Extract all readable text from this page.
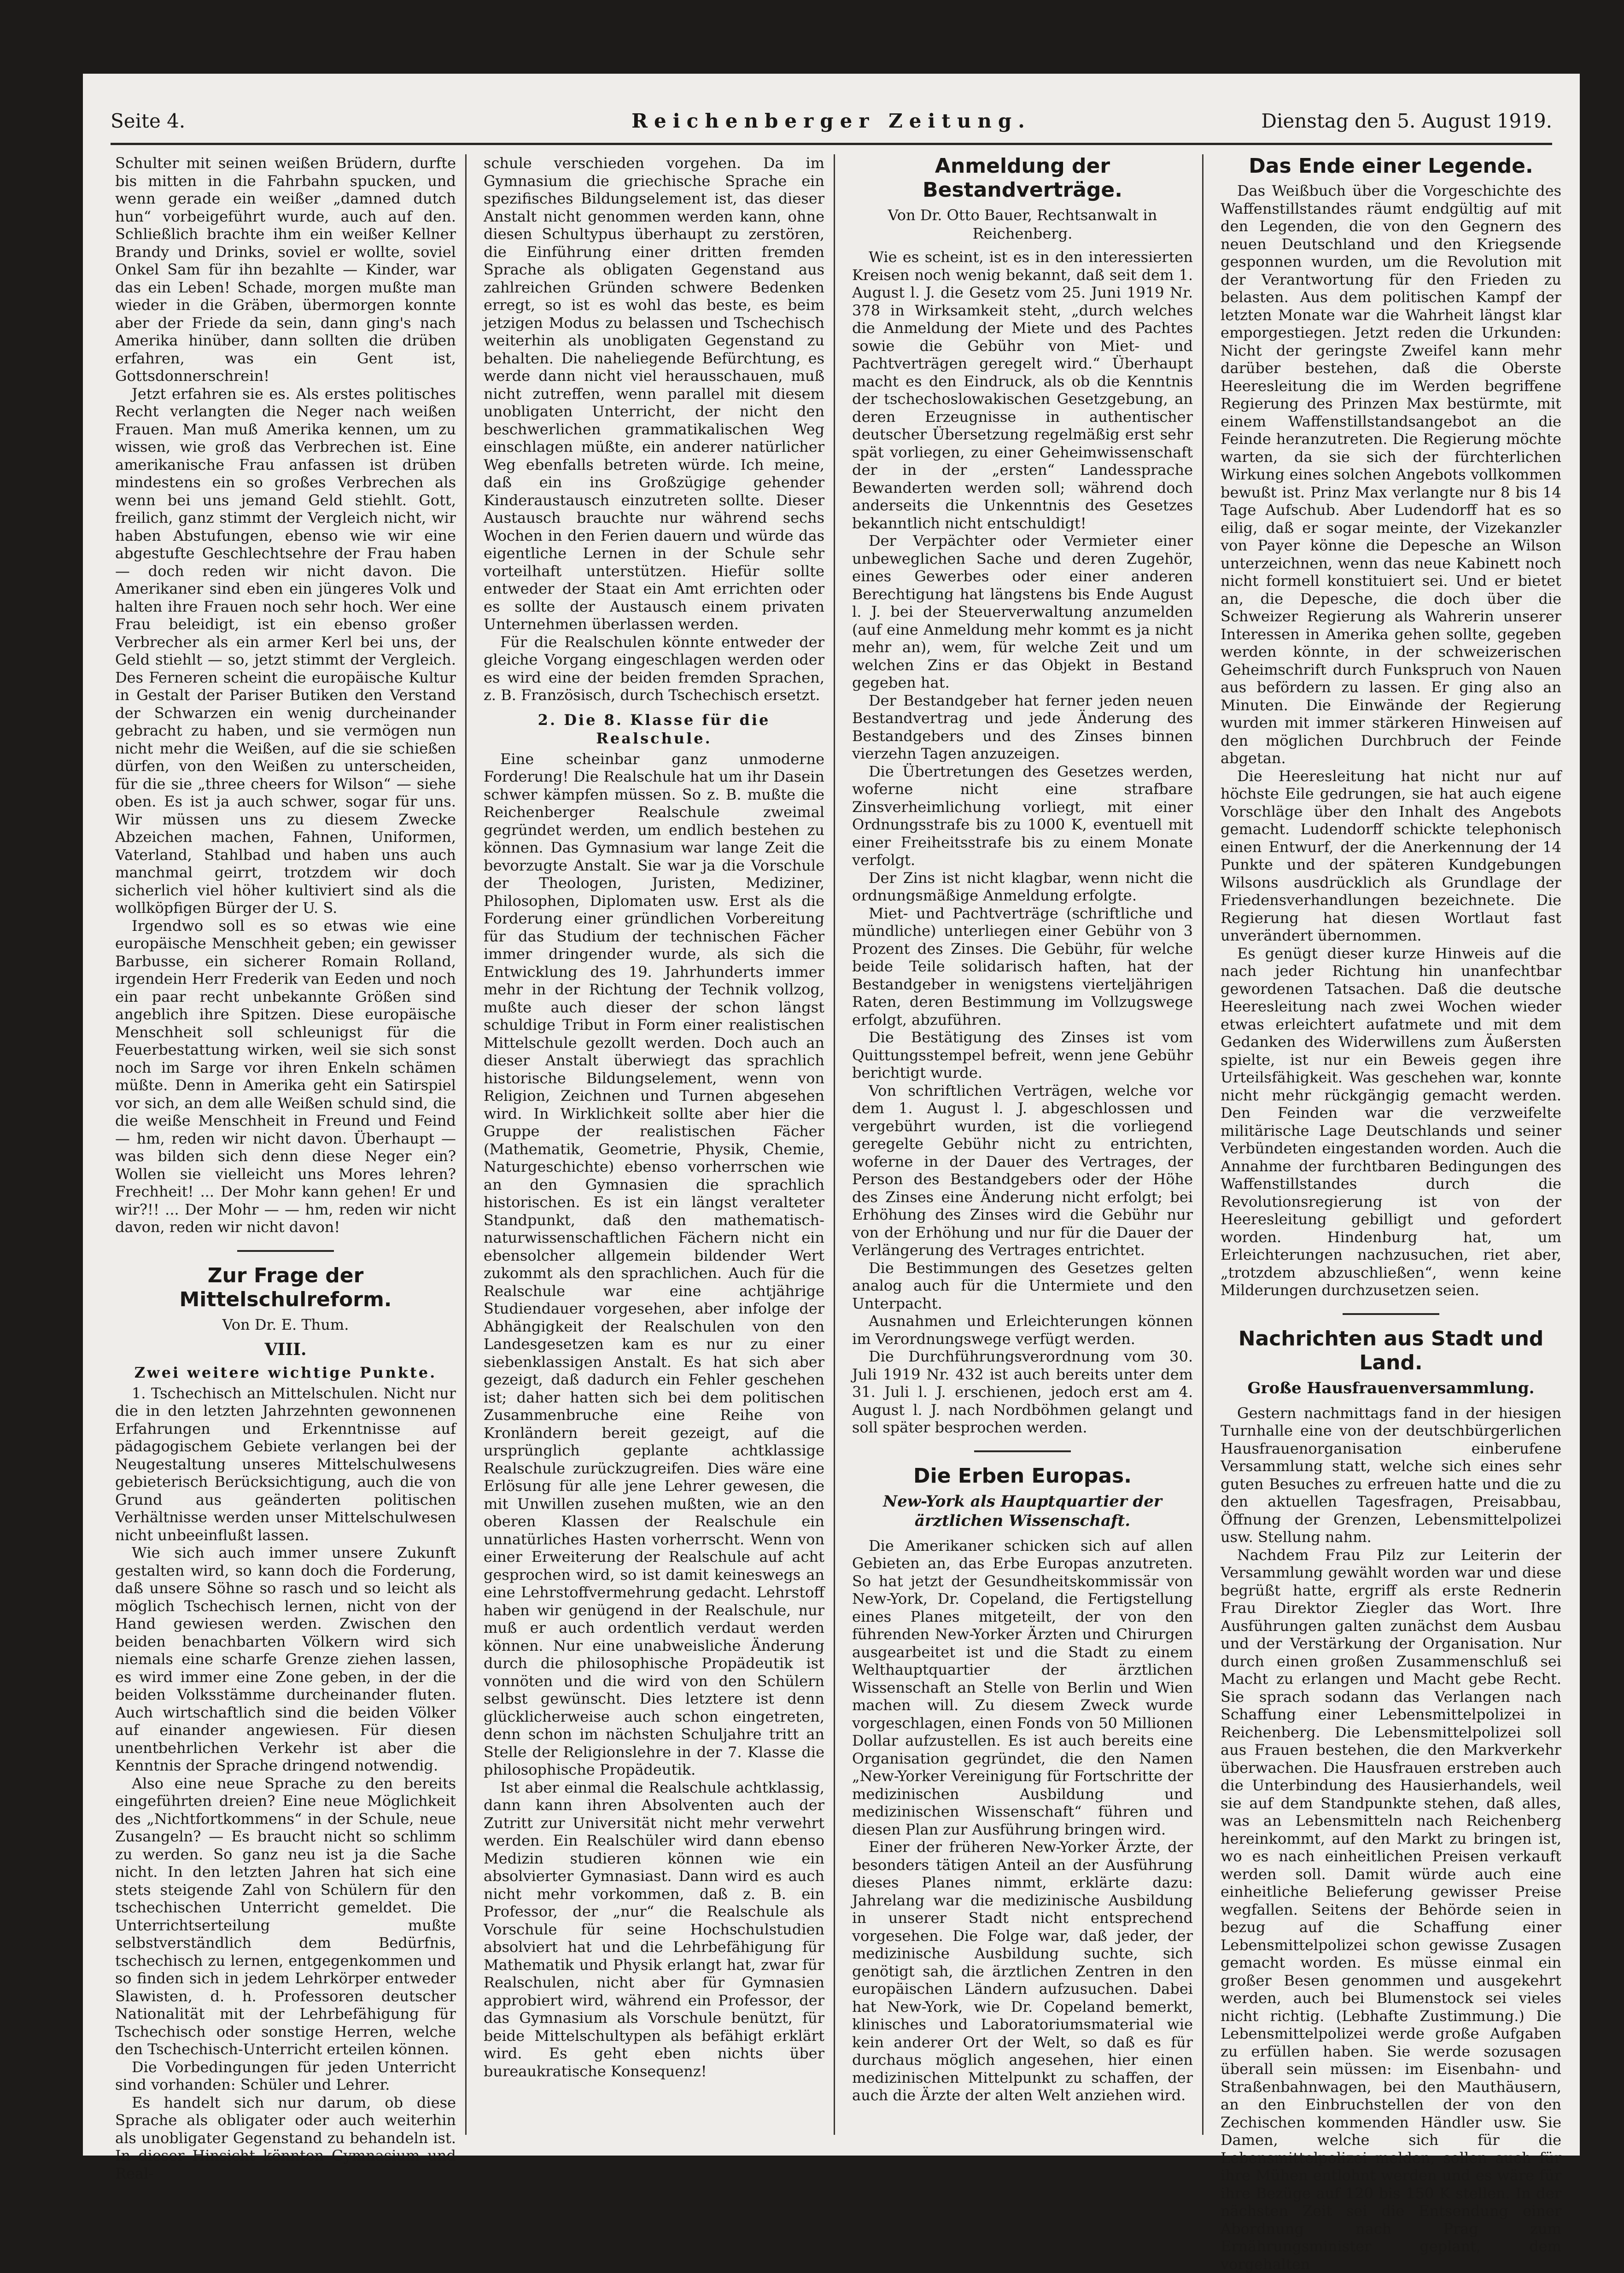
Reichenberger Zeitung.
Seite 4.	Dienstag den 5. August 1919.

Schulter mit seinen weißen Brüdern, durfte bis mitten in die Fahrbahn spucken, und wenn gerade ein weißer „damned dutch hun“ vorbeigeführt wurde, auch auf den. Schließlich brachte ihm ein weißer Kellner Brandy und Drinks, soviel er wollte, soviel Onkel Sam für ihn bezahlte — Kinder, war das ein Leben! Schade, morgen mußte man wieder in die Gräben, übermorgen konnte aber der Friede da sein, dann ging's nach Amerika hinüber, dann sollten die drüben erfahren, was ein Gent ist, Gottsdonnerschrein!

Jetzt erfahren sie es. Als erstes politisches Recht verlangten die Neger nach weißen Frauen. Man muß Amerika kennen, um zu wissen, wie groß das Verbrechen ist. Eine amerikanische Frau anfassen ist drüben mindestens ein so großes Verbrechen als wenn bei uns jemand Geld stiehlt. Gott, freilich, ganz stimmt der Vergleich nicht, wir haben Abstufungen, ebenso wie wir eine abgestufte Geschlechtsehre der Frau haben — doch reden wir nicht davon. Die Amerikaner sind eben ein jüngeres Volk und halten ihre Frauen noch sehr hoch. Wer eine Frau beleidigt, ist ein ebenso großer Verbrecher als ein armer Kerl bei uns, der Geld stiehlt — so, jetzt stimmt der Vergleich. Des Ferneren scheint die europäische Kultur in Gestalt der Pariser Butiken den Verstand der Schwarzen ein wenig durcheinander gebracht zu haben, und sie vermögen nun nicht mehr die Weißen, auf die sie schießen dürfen, von den Weißen zu unterscheiden, für die sie „three cheers for Wilson“ — siehe oben. Es ist ja auch schwer, sogar für uns. Wir müssen uns zu diesem Zwecke Abzeichen machen, Fahnen, Uniformen, Vaterland, Stahlbad und haben uns auch manchmal geirrt, trotzdem wir doch sicherlich viel höher kultiviert sind als die wollköpfigen Bürger der U. S.

Irgendwo soll es so etwas wie eine europäische Menschheit geben; ein gewisser Barbusse, ein sicherer Romain Rolland, irgendein Herr Frederik van Eeden und noch ein paar recht unbekannte Größen sind angeblich ihre Spitzen. Diese europäische Menschheit soll schleunigst für die Feuerbestattung wirken, weil sie sich sonst noch im Sarge vor ihren Enkeln schämen müßte. Denn in Amerika geht ein Satirspiel vor sich, an dem alle Weißen schuld sind, die die weiße Menschheit in Freund und Feind — hm, reden wir nicht davon. Überhaupt — was bilden sich denn diese Neger ein? Wollen sie vielleicht uns Mores lehren? Frechheit! ... Der Mohr kann gehen! Er und wir?!! ... Der Mohr — — hm, reden wir nicht davon, reden wir nicht davon!

Zur Frage der Mittelschulreform.

Von Dr. E. Thum.

VIII.

Zwei weitere wichtige Punkte.

1. Tschechisch an Mittelschulen. Nicht nur die in den letzten Jahrzehnten gewonnenen Erfahrungen und Erkenntnisse auf pädagogischem Gebiete verlangen bei der Neugestaltung unseres Mittelschulwesens gebieterisch Berücksichtigung, auch die von Grund aus geänderten politischen Verhältnisse werden unser Mittelschulwesen nicht unbeeinflußt lassen.

Wie sich auch immer unsere Zukunft gestalten wird, so kann doch die Forderung, daß unsere Söhne so rasch und so leicht als möglich Tschechisch lernen, nicht von der Hand gewiesen werden. Zwischen den beiden benachbarten Völkern wird sich niemals eine scharfe Grenze ziehen lassen, es wird immer eine Zone geben, in der die beiden Volksstämme durcheinander fluten. Auch wirtschaftlich sind die beiden Völker auf einander angewiesen. Für diesen unentbehrlichen Verkehr ist aber die Kenntnis der Sprache dringend notwendig.

Also eine neue Sprache zu den bereits eingeführten dreien? Eine neue Möglichkeit des „Nichtfortkommens“ in der Schule, neue Zusangeln? — Es braucht nicht so schlimm zu werden. So ganz neu ist ja die Sache nicht. In den letzten Jahren hat sich eine stets steigende Zahl von Schülern für den tschechischen Unterricht gemeldet. Die Unterrichtserteilung mußte selbstverständlich dem Bedürfnis, tschechisch zu lernen, entgegenkommen und so finden sich in jedem Lehrkörper entweder Slawisten, d. h. Professoren deutscher Nationalität mit der Lehrbefähigung für Tschechisch oder sonstige Herren, welche den Tschechisch-Unterricht erteilen können.

Die Vorbedingungen für jeden Unterricht sind vorhanden: Schüler und Lehrer.

Es handelt sich nur darum, ob diese Sprache als obligater oder auch weiterhin als unobligater Gegenstand zu behandeln ist. In dieser Hinsicht könnten Gymnasium und Real-

schule verschieden vorgehen. Da im Gymnasium die griechische Sprache ein spezifisches Bildungselement ist, das dieser Anstalt nicht genommen werden kann, ohne diesen Schultypus überhaupt zu zerstören, die Einführung einer dritten fremden Sprache als obligaten Gegenstand aus zahlreichen Gründen schwere Bedenken erregt, so ist es wohl das beste, es beim jetzigen Modus zu belassen und Tschechisch weiterhin als unobligaten Gegenstand zu behalten. Die naheliegende Befürchtung, es werde dann nicht viel herausschauen, muß nicht zutreffen, wenn parallel mit diesem unobligaten Unterricht, der nicht den beschwerlichen grammatikalischen Weg einschlagen müßte, ein anderer natürlicher Weg ebenfalls betreten würde. Ich meine, daß ein ins Großzügige gehender Kinderaustausch einzutreten sollte. Dieser Austausch brauchte nur während sechs Wochen in den Ferien dauern und würde das eigentliche Lernen in der Schule sehr vorteilhaft unterstützen. Hiefür sollte entweder der Staat ein Amt errichten oder es sollte der Austausch einem privaten Unternehmen überlassen werden.

Für die Realschulen könnte entweder der gleiche Vorgang eingeschlagen werden oder es wird eine der beiden fremden Sprachen, z. B. Französisch, durch Tschechisch ersetzt.

2. Die 8. Klasse für die Realschule.

Eine scheinbar ganz unmoderne Forderung! Die Realschule hat um ihr Dasein schwer kämpfen müssen. So z. B. mußte die Reichenberger Realschule zweimal gegründet werden, um endlich bestehen zu können. Das Gymnasium war lange Zeit die bevorzugte Anstalt. Sie war ja die Vorschule der Theologen, Juristen, Mediziner, Philosophen, Diplomaten usw. Erst als die Forderung einer gründlichen Vorbereitung für das Studium der technischen Fächer immer dringender wurde, als sich die Entwicklung des 19. Jahrhunderts immer mehr in der Richtung der Technik vollzog, mußte auch dieser der schon längst schuldige Tribut in Form einer realistischen Mittelschule gezollt werden. Doch auch an dieser Anstalt überwiegt das sprachlich historische Bildungselement, wenn von Religion, Zeichnen und Turnen abgesehen wird. In Wirklichkeit sollte aber hier die Gruppe der realistischen Fächer (Mathematik, Geometrie, Physik, Chemie, Naturgeschichte) ebenso vorherrschen wie an den Gymnasien die sprachlich historischen. Es ist ein längst veralteter Standpunkt, daß den mathematisch-naturwissenschaftlichen Fächern nicht ein ebensolcher allgemein bildender Wert zukommt als den sprachlichen. Auch für die Realschule war eine achtjährige Studiendauer vorgesehen, aber infolge der Abhängigkeit der Realschulen von den Landesgesetzen kam es nur zu einer siebenklassigen Anstalt. Es hat sich aber gezeigt, daß dadurch ein Fehler geschehen ist; daher hatten sich bei dem politischen Zusammenbruche eine Reihe von Kronländern bereit gezeigt, auf die ursprünglich geplante achtklassige Realschule zurückzugreifen. Dies wäre eine Erlösung für alle jene Lehrer gewesen, die mit Unwillen zusehen mußten, wie an den oberen Klassen der Realschule ein unnatürliches Hasten vorherrscht. Wenn von einer Erweiterung der Realschule auf acht gesprochen wird, so ist damit keineswegs an eine Lehrstoffvermehrung gedacht. Lehrstoff haben wir genügend in der Realschule, nur muß er auch ordentlich verdaut werden können. Nur eine unabweisliche Änderung durch die philosophische Propädeutik ist vonnöten und die wird von den Schülern selbst gewünscht. Dies letztere ist denn glücklicherweise auch schon eingetreten, denn schon im nächsten Schuljahre tritt an Stelle der Religionslehre in der 7. Klasse die philosophische Propädeutik.

Ist aber einmal die Realschule achtklassig, dann kann ihren Absolventen auch der Zutritt zur Universität nicht mehr verwehrt werden. Ein Realschüler wird dann ebenso Medizin studieren können wie ein absolvierter Gymnasiast. Dann wird es auch nicht mehr vorkommen, daß z. B. ein Professor, der „nur“ die Realschule als Vorschule für seine Hochschulstudien absolviert hat und die Lehrbefähigung für Mathematik und Physik erlangt hat, zwar für Realschulen, nicht aber für Gymnasien approbiert wird, während ein Professor, der das Gymnasium als Vorschule benützt, für beide Mittelschultypen als befähigt erklärt wird. Es geht eben nichts über bureaukratische Konsequenz!

Anmeldung der Bestandverträge.

Von Dr. Otto Bauer, Rechtsanwalt in Reichenberg.

Wie es scheint, ist es in den interessierten Kreisen noch wenig bekannt, daß seit dem 1. August l. J. die Gesetz vom 25. Juni 1919 Nr. 378 in Wirksamkeit steht, „durch welches die Anmeldung der Miete und des Pachtes sowie die Gebühr von Miet- und Pachtverträgen geregelt wird.“ Überhaupt macht es den Eindruck, als ob die Kenntnis der tschechoslowakischen Gesetzgebung, an deren Erzeugnisse in authentischer deutscher Übersetzung regelmäßig erst sehr spät vorliegen, zu einer Geheimwissenschaft der in der „ersten“ Landessprache Bewanderten werden soll; während doch anderseits die Unkenntnis des Gesetzes bekanntlich nicht entschuldigt!

Der Verpächter oder Vermieter einer unbeweglichen Sache und deren Zugehör, eines Gewerbes oder einer anderen Berechtigung hat längstens bis Ende August l. J. bei der Steuerverwaltung anzumelden (auf eine Anmeldung mehr kommt es ja nicht mehr an), wem, für welche Zeit und um welchen Zins er das Objekt in Bestand gegeben hat.

Der Bestandgeber hat ferner jeden neuen Bestandvertrag und jede Änderung des Bestandgebers und des Zinses binnen vierzehn Tagen anzuzeigen.

Die Übertretungen des Gesetzes werden, woferne nicht eine strafbare Zinsverheimlichung vorliegt, mit einer Ordnungsstrafe bis zu 1000 K, eventuell mit einer Freiheitsstrafe bis zu einem Monate verfolgt.

Der Zins ist nicht klagbar, wenn nicht die ordnungsmäßige Anmeldung erfolgte.

Miet- und Pachtverträge (schriftliche und mündliche) unterliegen einer Gebühr von 3 Prozent des Zinses. Die Gebühr, für welche beide Teile solidarisch haften, hat der Bestandgeber in wenigstens vierteljährigen Raten, deren Bestimmung im Vollzugswege erfolgt, abzuführen.

Die Bestätigung des Zinses ist vom Quittungsstempel befreit, wenn jene Gebühr berichtigt wurde.

Von schriftlichen Verträgen, welche vor dem 1. August l. J. abgeschlossen und vergebührt wurden, ist die vorliegend geregelte Gebühr nicht zu entrichten, woferne in der Dauer des Vertrages, der Person des Bestandgebers oder der Höhe des Zinses eine Änderung nicht erfolgt; bei Erhöhung des Zinses wird die Gebühr nur von der Erhöhung und nur für die Dauer der Verlängerung des Vertrages entrichtet.

Die Bestimmungen des Gesetzes gelten analog auch für die Untermiete und den Unterpacht.

Ausnahmen und Erleichterungen können im Verordnungswege verfügt werden.

Die Durchführungsverordnung vom 30. Juli 1919 Nr. 432 ist auch bereits unter dem 31. Juli l. J. erschienen, jedoch erst am 4. August l. J. nach Nordböhmen gelangt und soll später besprochen werden.

Die Erben Europas.
New-York als Hauptquartier der ärztlichen Wissenschaft.

Die Amerikaner schicken sich auf allen Gebieten an, das Erbe Europas anzutreten. So hat jetzt der Gesundheitskommissär von New-York, Dr. Copeland, die Fertigstellung eines Planes mitgeteilt, der von den führenden New-Yorker Ärzten und Chirurgen ausgearbeitet ist und die Stadt zu einem Welthauptquartier der ärztlichen Wissenschaft an Stelle von Berlin und Wien machen will. Zu diesem Zweck wurde vorgeschlagen, einen Fonds von 50 Millionen Dollar aufzustellen. Es ist auch bereits eine Organisation gegründet, die den Namen „New-Yorker Vereinigung für Fortschritte der medizinischen Ausbildung und medizinischen Wissenschaft“ führen und diesen Plan zur Ausführung bringen wird.

Einer der früheren New-Yorker Ärzte, der besonders tätigen Anteil an der Ausführung dieses Planes nimmt, erklärte dazu: Jahrelang war die medizinische Ausbildung in unserer Stadt nicht entsprechend vorgesehen. Die Folge war, daß jeder, der medizinische Ausbildung suchte, sich genötigt sah, die ärztlichen Zentren in den europäischen Ländern aufzusuchen. Dabei hat New-York, wie Dr. Copeland bemerkt, klinisches und Laboratoriumsmaterial wie kein anderer Ort der Welt, so daß es für durchaus möglich angesehen, hier einen medizinischen Mittelpunkt zu schaffen, der auch die Ärzte der alten Welt anziehen wird.

Das Ende einer Legende.

Das Weißbuch über die Vorgeschichte des Waffenstillstandes räumt endgültig auf mit den Legenden, die von den Gegnern des neuen Deutschland und den Kriegsende gesponnen wurden, um die Revolution mit der Verantwortung für den Frieden zu belasten. Aus dem politischen Kampf der letzten Monate war die Wahrheit längst klar emporgestiegen. Jetzt reden die Urkunden: Nicht der geringste Zweifel kann mehr darüber bestehen, daß die Oberste Heeresleitung die im Werden begriffene Regierung des Prinzen Max bestürmte, mit einem Waffenstillstandsangebot an die Feinde heranzutreten. Die Regierung möchte warten, da sie sich der fürchterlichen Wirkung eines solchen Angebots vollkommen bewußt ist. Prinz Max verlangte nur 8 bis 14 Tage Aufschub. Aber Ludendorff hat es so eilig, daß er sogar meinte, der Vizekanzler von Payer könne die Depesche an Wilson unterzeichnen, wenn das neue Kabinett noch nicht formell konstituiert sei. Und er bietet an, die Depesche, die doch über die Schweizer Regierung als Wahrerin unserer Interessen in Amerika gehen sollte, gegeben werden könnte, in der schweizerischen Geheimschrift durch Funkspruch von Nauen aus befördern zu lassen. Er ging also an Minuten. Die Einwände der Regierung wurden mit immer stärkeren Hinweisen auf den möglichen Durchbruch der Feinde abgetan.

Die Heeresleitung hat nicht nur auf höchste Eile gedrungen, sie hat auch eigene Vorschläge über den Inhalt des Angebots gemacht. Ludendorff schickte telephonisch einen Entwurf, der die Anerkennung der 14 Punkte und der späteren Kundgebungen Wilsons ausdrücklich als Grundlage der Friedensverhandlungen bezeichnete. Die Regierung hat diesen Wortlaut fast unverändert übernommen.

Es genügt dieser kurze Hinweis auf die nach jeder Richtung hin unanfechtbar gewordenen Tatsachen. Daß die deutsche Heeresleitung nach zwei Wochen wieder etwas erleichtert aufatmete und mit dem Gedanken des Widerwillens zum Äußersten spielte, ist nur ein Beweis gegen ihre Urteilsfähigkeit. Was geschehen war, konnte nicht mehr rückgängig gemacht werden. Den Feinden war die verzweifelte militärische Lage Deutschlands und seiner Verbündeten eingestanden worden. Auch die Annahme der furchtbaren Bedingungen des Waffenstillstandes durch die Revolutionsregierung ist von der Heeresleitung gebilligt und gefordert worden. Hindenburg hat, um Erleichterungen nachzusuchen, riet aber, „trotzdem abzuschließen“, wenn keine Milderungen durchzusetzen seien.

Nachrichten aus Stadt und Land.
Große Hausfrauenversammlung.

Gestern nachmittags fand in der hiesigen Turnhalle eine von der deutschbürgerlichen Hausfrauenorganisation einberufene Versammlung statt, welche sich eines sehr guten Besuches zu erfreuen hatte und die zu den aktuellen Tagesfragen, Preisabbau, Öffnung der Grenzen, Lebensmittelpolizei usw. Stellung nahm.

Nachdem Frau Pilz zur Leiterin der Versammlung gewählt worden war und diese begrüßt hatte, ergriff als erste Rednerin Frau Direktor Ziegler das Wort. Ihre Ausführungen galten zunächst dem Ausbau und der Verstärkung der Organisation. Nur durch einen großen Zusammenschluß sei Macht zu erlangen und Macht gebe Recht. Sie sprach sodann das Verlangen nach Schaffung einer Lebensmittelpolizei in Reichenberg. Die Lebensmittelpolizei soll aus Frauen bestehen, die den Markverkehr überwachen. Die Hausfrauen erstreben auch die Unterbindung des Hausierhandels, weil sie auf dem Standpunkte stehen, daß alles, was an Lebensmitteln nach Reichenberg hereinkommt, auf den Markt zu bringen ist, wo es nach einheitlichen Preisen verkauft werden soll. Damit würde auch eine einheitliche Belieferung gewisser Preise wegfallen. Seitens der Behörde seien in bezug auf die Schaffung einer Lebensmittelpolizei schon gewisse Zusagen gemacht worden. Es müsse einmal ein großer Besen genommen und ausgekehrt werden, auch bei Blumenstock sei vieles nicht richtig. (Lebhafte Zustimmung.) Die Lebensmittelpolizei werde große Aufgaben zu erfüllen haben. Sie werde sozusagen überall sein müssen: im Eisenbahn- und Straßenbahnwagen, bei den Mauthäusern, an den Einbruchstellen der von den Zechischen kommenden Händler usw. Sie Damen, welche sich für die Lebensmittelpolizei melden, sollen auch für ihre Mühen entlohnt werden und es wäre für ihre Bezüge auf 120 bis 150 K stellen. In der nächsten Zeit sei die Entsendung einer Abordnung nach Prag zum Ernährungsminister geplant, dem vorgehalten
